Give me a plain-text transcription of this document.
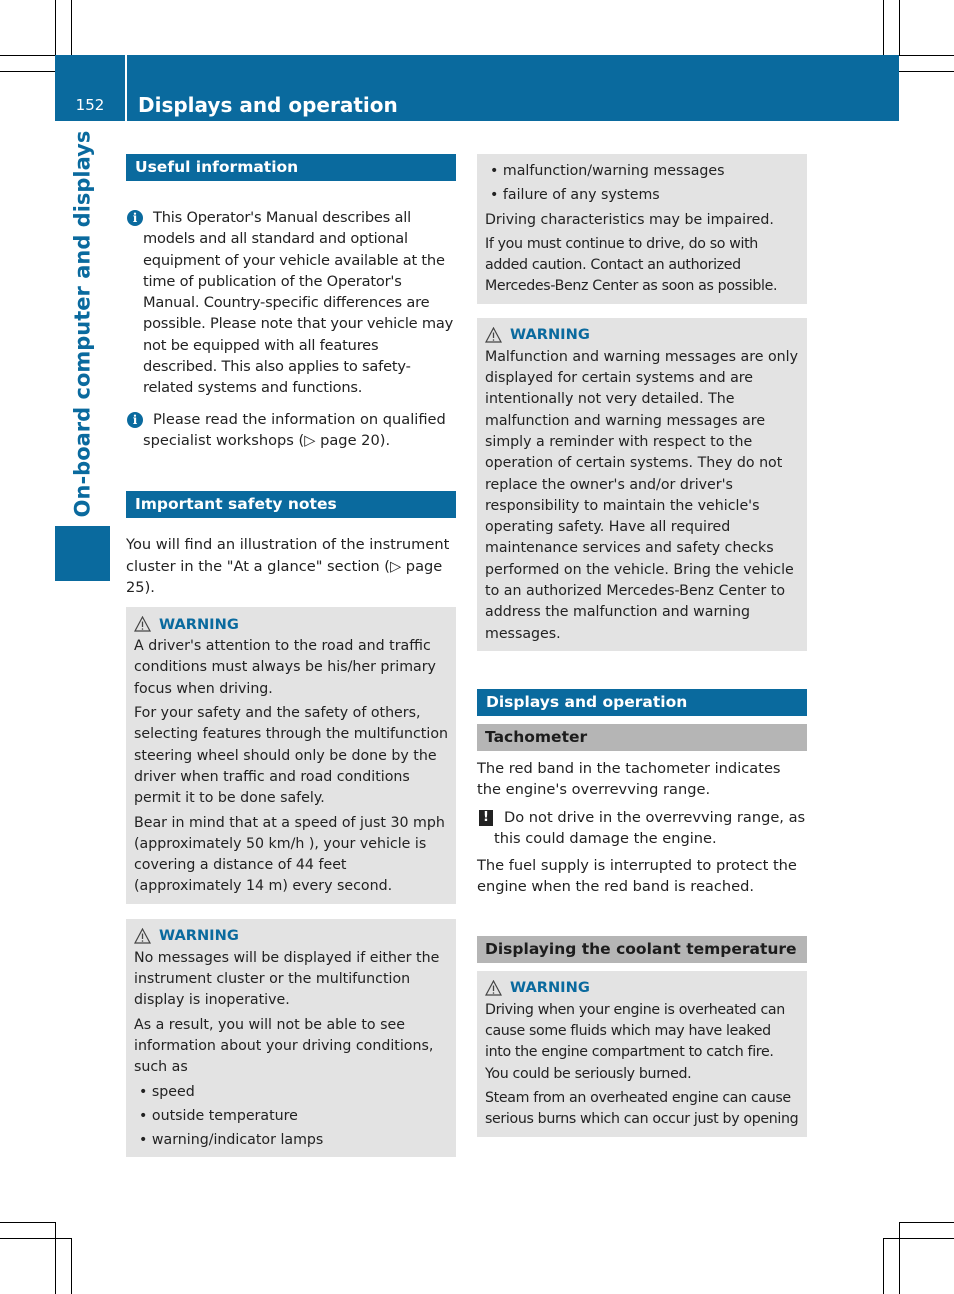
152	Displays and operation
On-board computer and displays	Useful information
i	This Operator's Manual describes all models and all standard and optional equipment of your vehicle available at the time of publication of the Operator's Manual. Country-specific differences are possible. Please note that your vehicle may not be equipped with all features described. This also applies to safety-related systems and functions.

i	Please read the information on qualified specialist workshops (▷ page 20).

Important safety notes

You will find an illustration of the instrument cluster in the "At a glance" section (▷ page 25).

WARNING

A driver's attention to the road and traffic conditions must always be his/her primary focus when driving.

For your safety and the safety of others, selecting features through the multifunction steering wheel should only be done by the driver when traffic and road conditions permit it to be done safely.

Bear in mind that at a speed of just 30 mph (approximately 50 km/h ), your vehicle is covering a distance of 44 feet (approximately 14 m) every second.

WARNING

No messages will be displayed if either the instrument cluster or the multifunction display is inoperative.

As a result, you will not be able to see information about your driving conditions, such as

• speed

• outside temperature

• warning/indicator lamps

• malfunction/warning messages

• failure of any systems

Driving characteristics may be impaired.

If you must continue to drive, do so with added caution. Contact an authorized Mercedes-Benz Center as soon as possible.

WARNING

Malfunction and warning messages are only displayed for certain systems and are intentionally not very detailed. The malfunction and warning messages are simply a reminder with respect to the operation of certain systems. They do not replace the owner's and/or driver's responsibility to maintain the vehicle's operating safety. Have all required maintenance services and safety checks performed on the vehicle. Bring the vehicle to an authorized Mercedes-Benz Center to address the malfunction and warning messages.

Displays and operation
Tachometer

The red band in the tachometer indicates the engine's overrevving range.

!	Do not drive in the overrevving range, as this could damage the engine.

The fuel supply is interrupted to protect the engine when the red band is reached.

Displaying the coolant temperature
WARNING

Driving when your engine is overheated can cause some fluids which may have leaked into the engine compartment to catch fire. You could be seriously burned.

Steam from an overheated engine can cause serious burns which can occur just by opening
